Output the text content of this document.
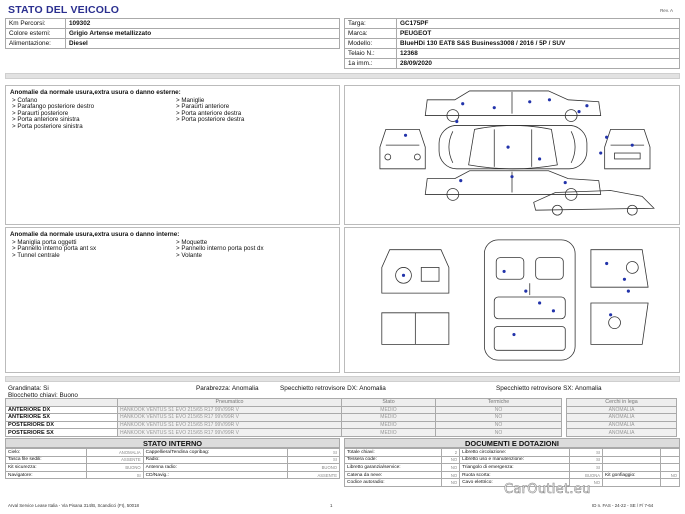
STATO DEL VEICOLO	Rev. A
Km Percorsi:	109302
Colore esterni:	Grigio Artense metallizzato
Alimentazione:	Diesel
Targa:	GC175PF
Marca:	PEUGEOT
Modello:	BlueHDi 130 EAT8 S&S Business3008 / 2016 / 5P / SUV
Telaio N.:	12368
1a imm.:	28/09/2020
Anomalie da normale usura,extra usura o danno esterne:
> Cofano	> Maniglie
> Parafango posteriore destro	> Paraurti anteriore
> Paraurti posteriore	> Porta anteriore destra
> Porta anteriore sinistra	> Porta posteriore destra
> Porta posteriore sinistra
Anomalie da normale usura,extra usura o danno interne:
> Maniglia porta oggetti	> Moquette
> Pannello interno porta ant sx	> Pannello interno porta post dx
> Tunnel centrale	> Volante
Grandinata: Si
Blocchetto chiavi: Buono
Parabrezza: Anomalia	Specchietto retrovisore DX: Anomalia	Specchietto retrovisore SX: Anomalia
	Pneumatico	Stato	Termiche		Cerchi in lega
ANTERIORE DX	HANKOOK VENTUS S1 EVO 215/65 R17 99V/99R V	MEDIO	NO		ANOMALIA
ANTERIORE SX	HANKOOK VENTUS S1 EVO 215/65 R17 99V/99R V	MEDIO	NO		ANOMALIA
POSTERIORE DX	HANKOOK VENTUS S1 EVO 215/65 R17 99V/99R V	MEDIO	NO		ANOMALIA
POSTERIORE SX	HANKOOK VENTUS S1 EVO 215/65 R17 99V/99R V	MEDIO	NO		ANOMALIA
STATO INTERNO
Cielo:	ANOMALIA	Cappelliera/Tendina copribag:	SI
Tasca file sedili:	ASSENTE	Radio:	SI
Kit sicurezza:	BUONO	Antenna radio:	BUONO
Navigatore:	SI	CD/Navig.:	ASSENTE
DOCUMENTI E DOTAZIONI
Totale chiavi:	2	Libretto circolazione:	SI		
Tessera code:	NO	Libretto uso e manutenzione:	SI		
Libretto garanzia/service:	NO	Triangolo di emergenza:	SI		
Catena da neve:	NO	Ruota scorta:	BUONA	Kit gonfiaggio:	NO
Codice autoradio:	NO	Cavo elettrico:	NO		
Arval Service Lease Italia - Via Pisana 314/B, Scandicci (FI), 50018	1	ID n. FAS - 24-22 - SE / F/ 7-64
CarOutlet.eu
